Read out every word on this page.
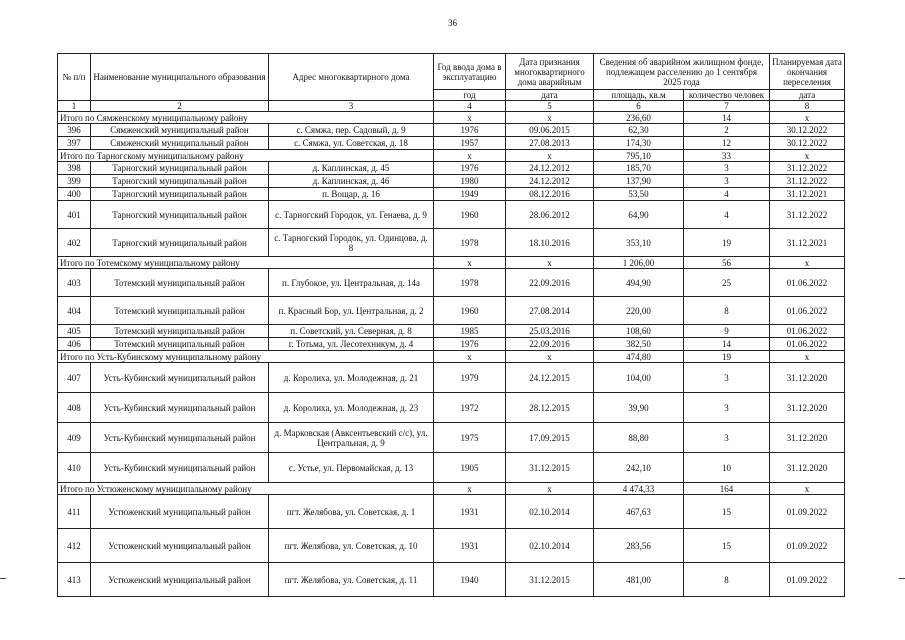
36
№ п/п	Наименование муниципального образования	Адрес многоквартирного дома	Год ввода дома в эксплуатацию	Дата признания многоквартирного дома аварийным	Сведения об аварийном жилищном фонде, подлежащем расселению до 1 сентября 2025 года		Планируемая дата окончания переселения
			год	дата	площадь, кв.м	количество человек	дата
1	2	3	4	5	6	7	8
Итого по Сямженскому муниципальному району			x	x	236,60	14	x
396	Сямженский муниципальный район	с. Сямжа, пер. Садовый, д. 9	1976	09.06.2015	62,30	2	30.12.2022
397	Сямженский муниципальный район	с. Сямжа, ул. Советская, д. 18	1957	27.08.2013	174,30	12	30.12.2022
Итого по Тарногскому муниципальному району			x	x	795,10	33	x
398	Тарногский муниципальный район	д. Каплинская, д. 45	1976	24.12.2012	185,70	3	31.12.2022
399	Тарногский муниципальный район	д. Каплинская, д. 46	1980	24.12.2012	137,90	3	31.12.2022
400	Тарногский муниципальный район	п. Вощар, д. 16	1949	08.12.2016	53,50	4	31.12.2021
401	Тарногский муниципальный район	с. Тарногский Городок, ул. Генаева, д. 9	1960	28.06.2012	64,90	4	31.12.2022
402	Тарногский муниципальный район	с. Тарногский Городок, ул. Одинцова, д. 8	1978	18.10.2016	353,10	19	31.12.2021
Итого по Тотемскому муниципальному району			x	x	1 206,00	56	x
403	Тотемский муниципальный район	п. Глубокое, ул. Центральная, д. 14а	1978	22.09.2016	494,90	25	01.06.2022
404	Тотемский муниципальный район	п. Красный Бор, ул. Центральная, д. 2	1960	27.08.2014	220,00	8	01.06.2022
405	Тотемский муниципальный район	п. Советский, ул. Северная, д. 8	1985	25.03.2016	108,60	9	01.06.2022
406	Тотемский муниципальный район	г. Тотьма, ул. Лесотехникум, д. 4	1976	22.09.2016	382,50	14	01.06.2022
Итого по Усть-Кубинскому муниципальному району			x	x	474,80	19	x
407	Усть-Кубинский муниципальный район	д. Королиха, ул. Молодежная, д. 21	1979	24.12.2015	104,00	3	31.12.2020
408	Усть-Кубинский муниципальный район	д. Королиха, ул. Молодежная, д. 23	1972	28.12.2015	39,90	3	31.12.2020
409	Усть-Кубинский муниципальный район	д. Марковская (Авксентьевский с/с), ул. Центральная, д. 9	1975	17.09.2015	88,80	3	31.12.2020
410	Усть-Кубинский муниципальный район	с. Устье, ул. Первомайская, д. 13	1905	31.12.2015	242,10	10	31.12.2020
Итого по Устюженскому муниципальному району			x	x	4 474,33	164	x
411	Устюженский муниципальный район	пгт. Желябова, ул. Советская, д. 1	1931	02.10.2014	467,63	15	01.09.2022
412	Устюженский муниципальный район	пгт. Желябова, ул. Советская, д. 10	1931	02.10.2014	283,56	15	01.09.2022
413	Устюженский муниципальный район	пгт. Желябова, ул. Советская, д. 11	1940	31.12.2015	481,00	8	01.09.2022
